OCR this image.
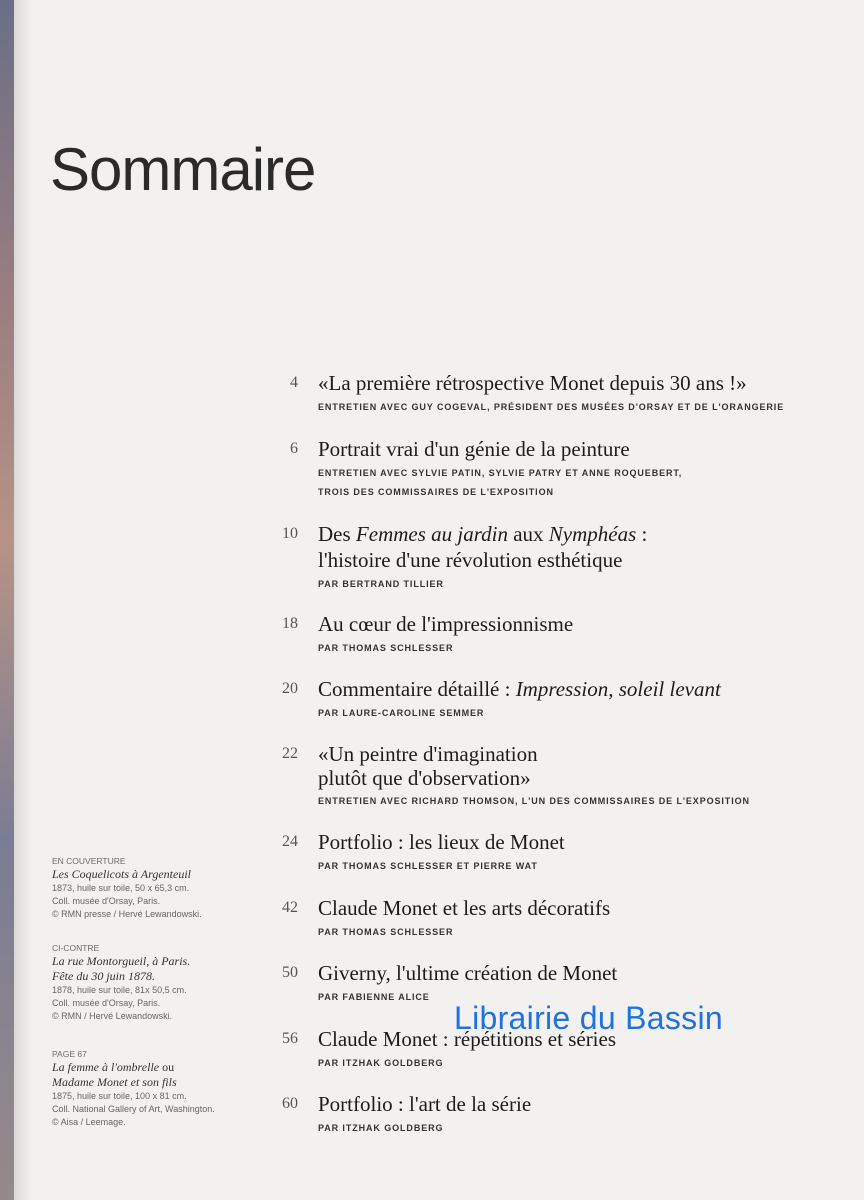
Sommaire
4 «La première rétrospective Monet depuis 30 ans !»
ENTRETIEN AVEC GUY COGEVAL, PRÉSIDENT DES MUSÉES D'ORSAY ET DE L'ORANGERIE
6 Portrait vrai d'un génie de la peinture
ENTRETIEN AVEC SYLVIE PATIN, SYLVIE PATRY ET ANNE ROQUEBERT,
TROIS DES COMMISSAIRES DE L'EXPOSITION
10 Des Femmes au jardin aux Nymphéas :
l'histoire d'une révolution esthétique
PAR BERTRAND TILLIER
18 Au cœur de l'impressionnisme
PAR THOMAS SCHLESSER
20 Commentaire détaillé : Impression, soleil levant
PAR LAURE-CAROLINE SEMMER
22 «Un peintre d'imagination
plutôt que d'observation»
ENTRETIEN AVEC RICHARD THOMSON, L'UN DES COMMISSAIRES DE L'EXPOSITION
24 Portfolio : les lieux de Monet
PAR THOMAS SCHLESSER ET PIERRE WAT
42 Claude Monet et les arts décoratifs
PAR THOMAS SCHLESSER
50 Giverny, l'ultime création de Monet
PAR FABIENNE ALICE
56 Claude Monet : répétitions et séries
PAR ITZHAK GOLDBERG
60 Portfolio : l'art de la série
PAR ITZHAK GOLDBERG
EN COUVERTURE
Les Coquelicots à Argenteuil
1873, huile sur toile, 50 x 65,3 cm.
Coll. musée d'Orsay, Paris.
© RMN presse / Hervé Lewandowski.
CI-CONTRE
La rue Montorgueil, à Paris.
Fête du 30 juin 1878.
1878, huile sur toile, 81x 50,5 cm.
Coll. musée d'Orsay, Paris.
© RMN / Hervé Lewandowski.
PAGE 67
La femme à l'ombrelle ou
Madame Monet et son fils
1875, huile sur toile, 100 x 81 cm.
Coll. National Gallery of Art, Washington.
© Aisa / Leemage.
Librairie du Bassin
